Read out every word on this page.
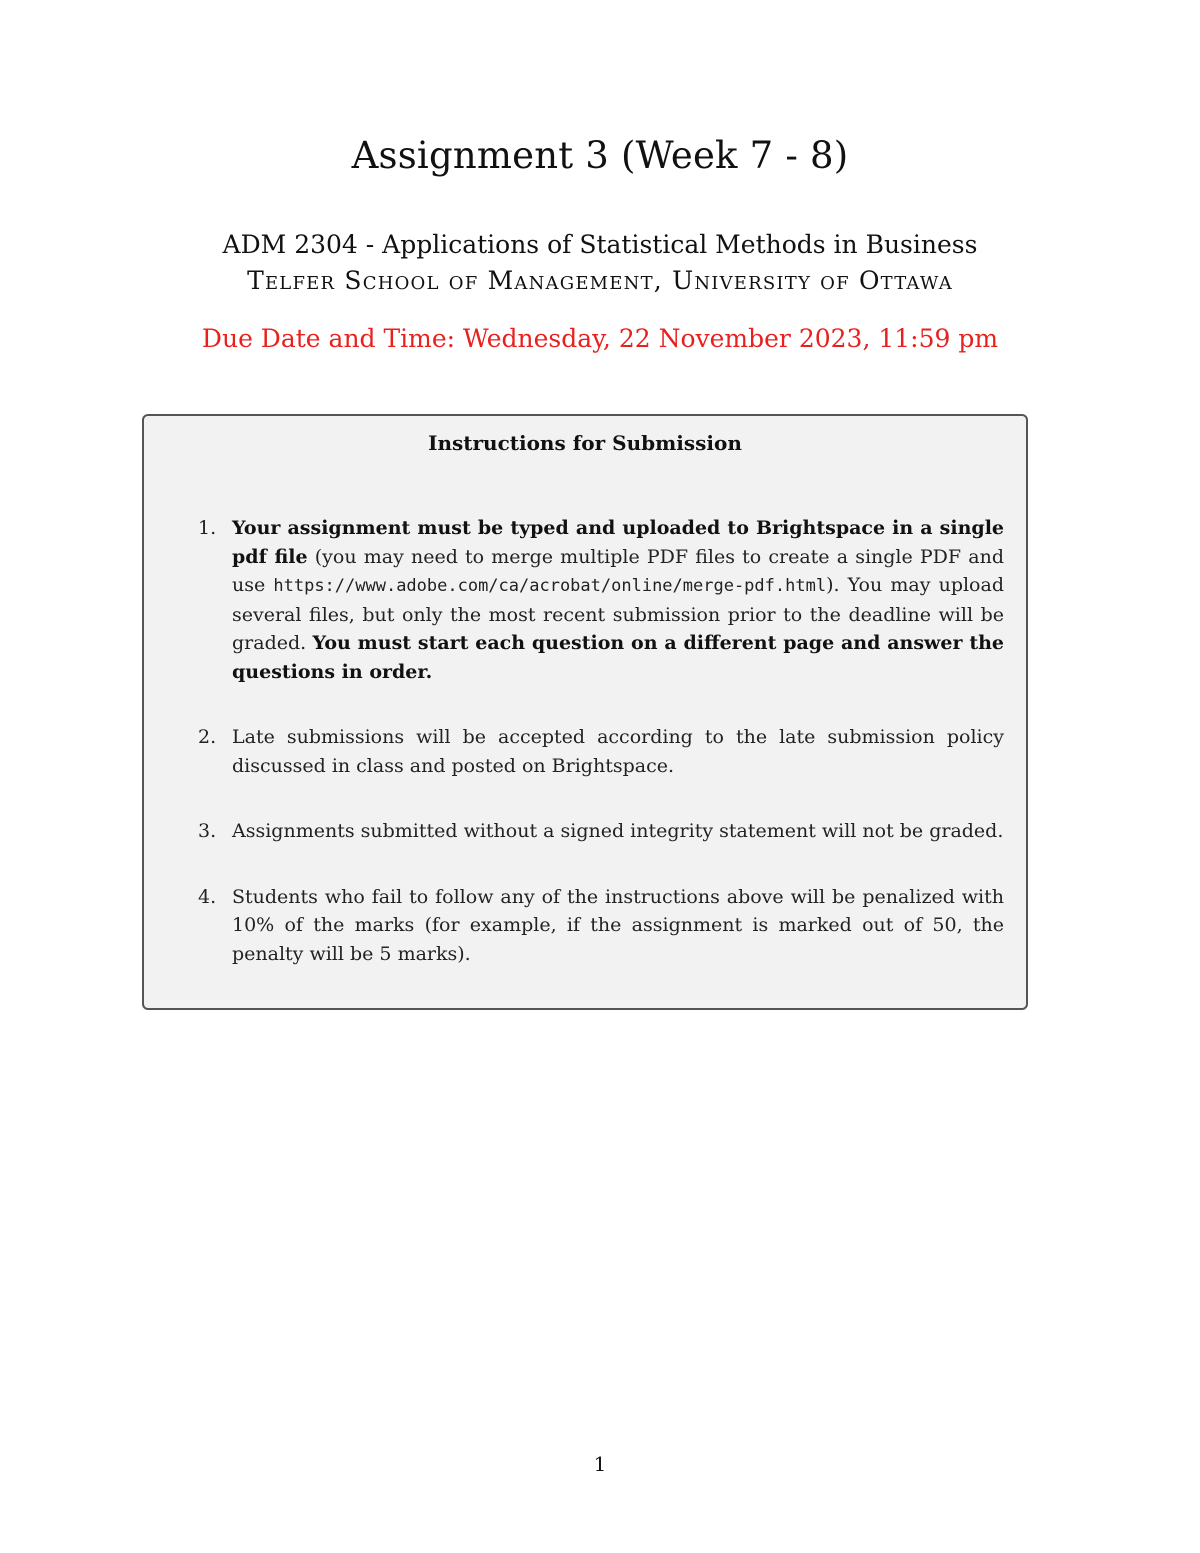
Assignment 3 (Week 7 - 8)

ADM 2304 - Applications of Statistical Methods in Business

Telfer School of Management, University of Ottawa

Due Date and Time: Wednesday, 22 November 2023, 11:59 pm

Instructions for Submission

1. Your assignment must be typed and uploaded to Brightspace in a single pdf file (you may need to merge multiple PDF files to create a single PDF and use https://www.adobe.com/ca/acrobat/online/merge-pdf.html). You may upload several files, but only the most recent submission prior to the deadline will be graded. You must start each question on a different page and answer the questions in order.
2. Late submissions will be accepted according to the late submission policy discussed in class and posted on Brightspace.
3. Assignments submitted without a signed integrity statement will not be graded.
4. Students who fail to follow any of the instructions above will be penalized with 10% of the marks (for example, if the assignment is marked out of 50, the penalty will be 5 marks).

1
